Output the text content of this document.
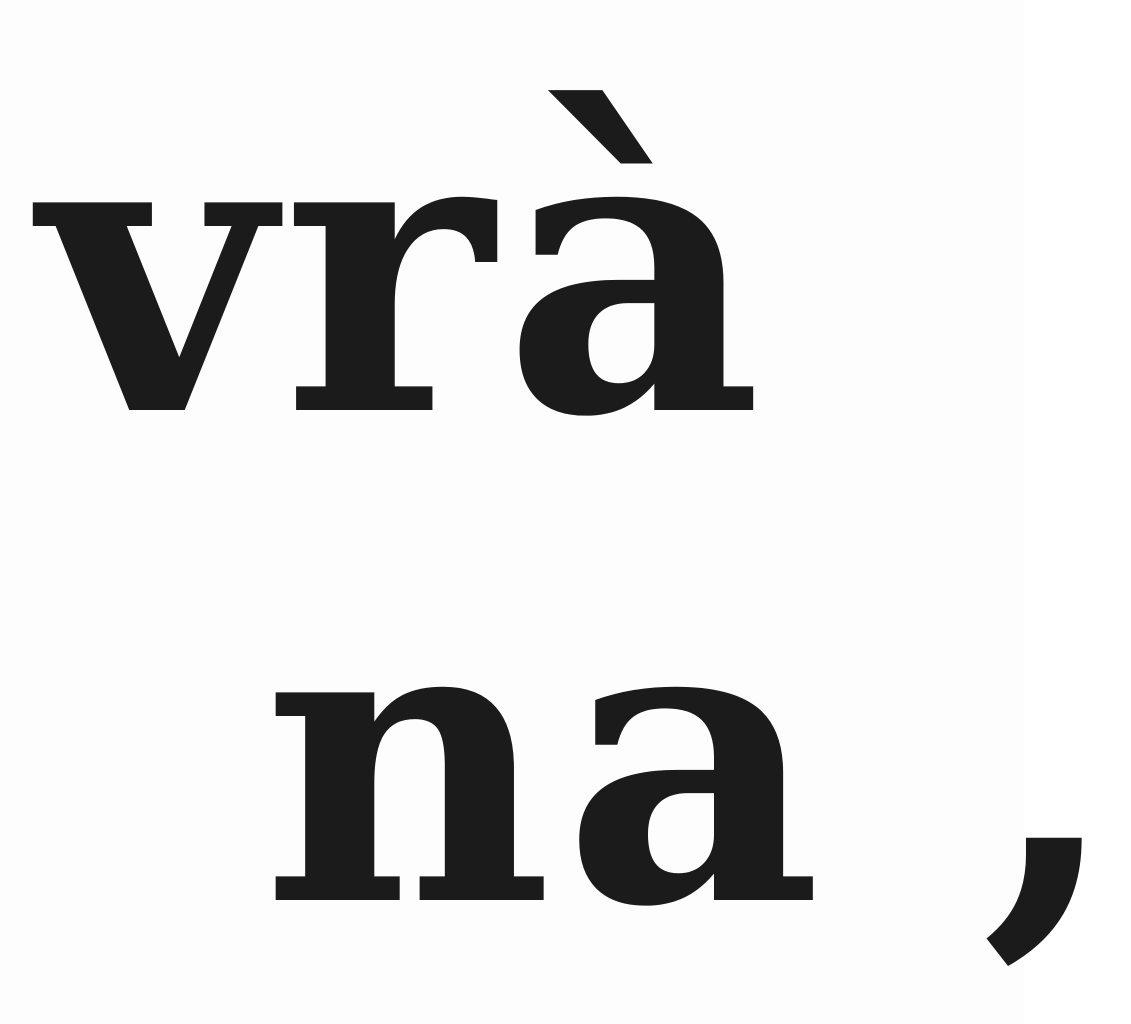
vrà

na ,
